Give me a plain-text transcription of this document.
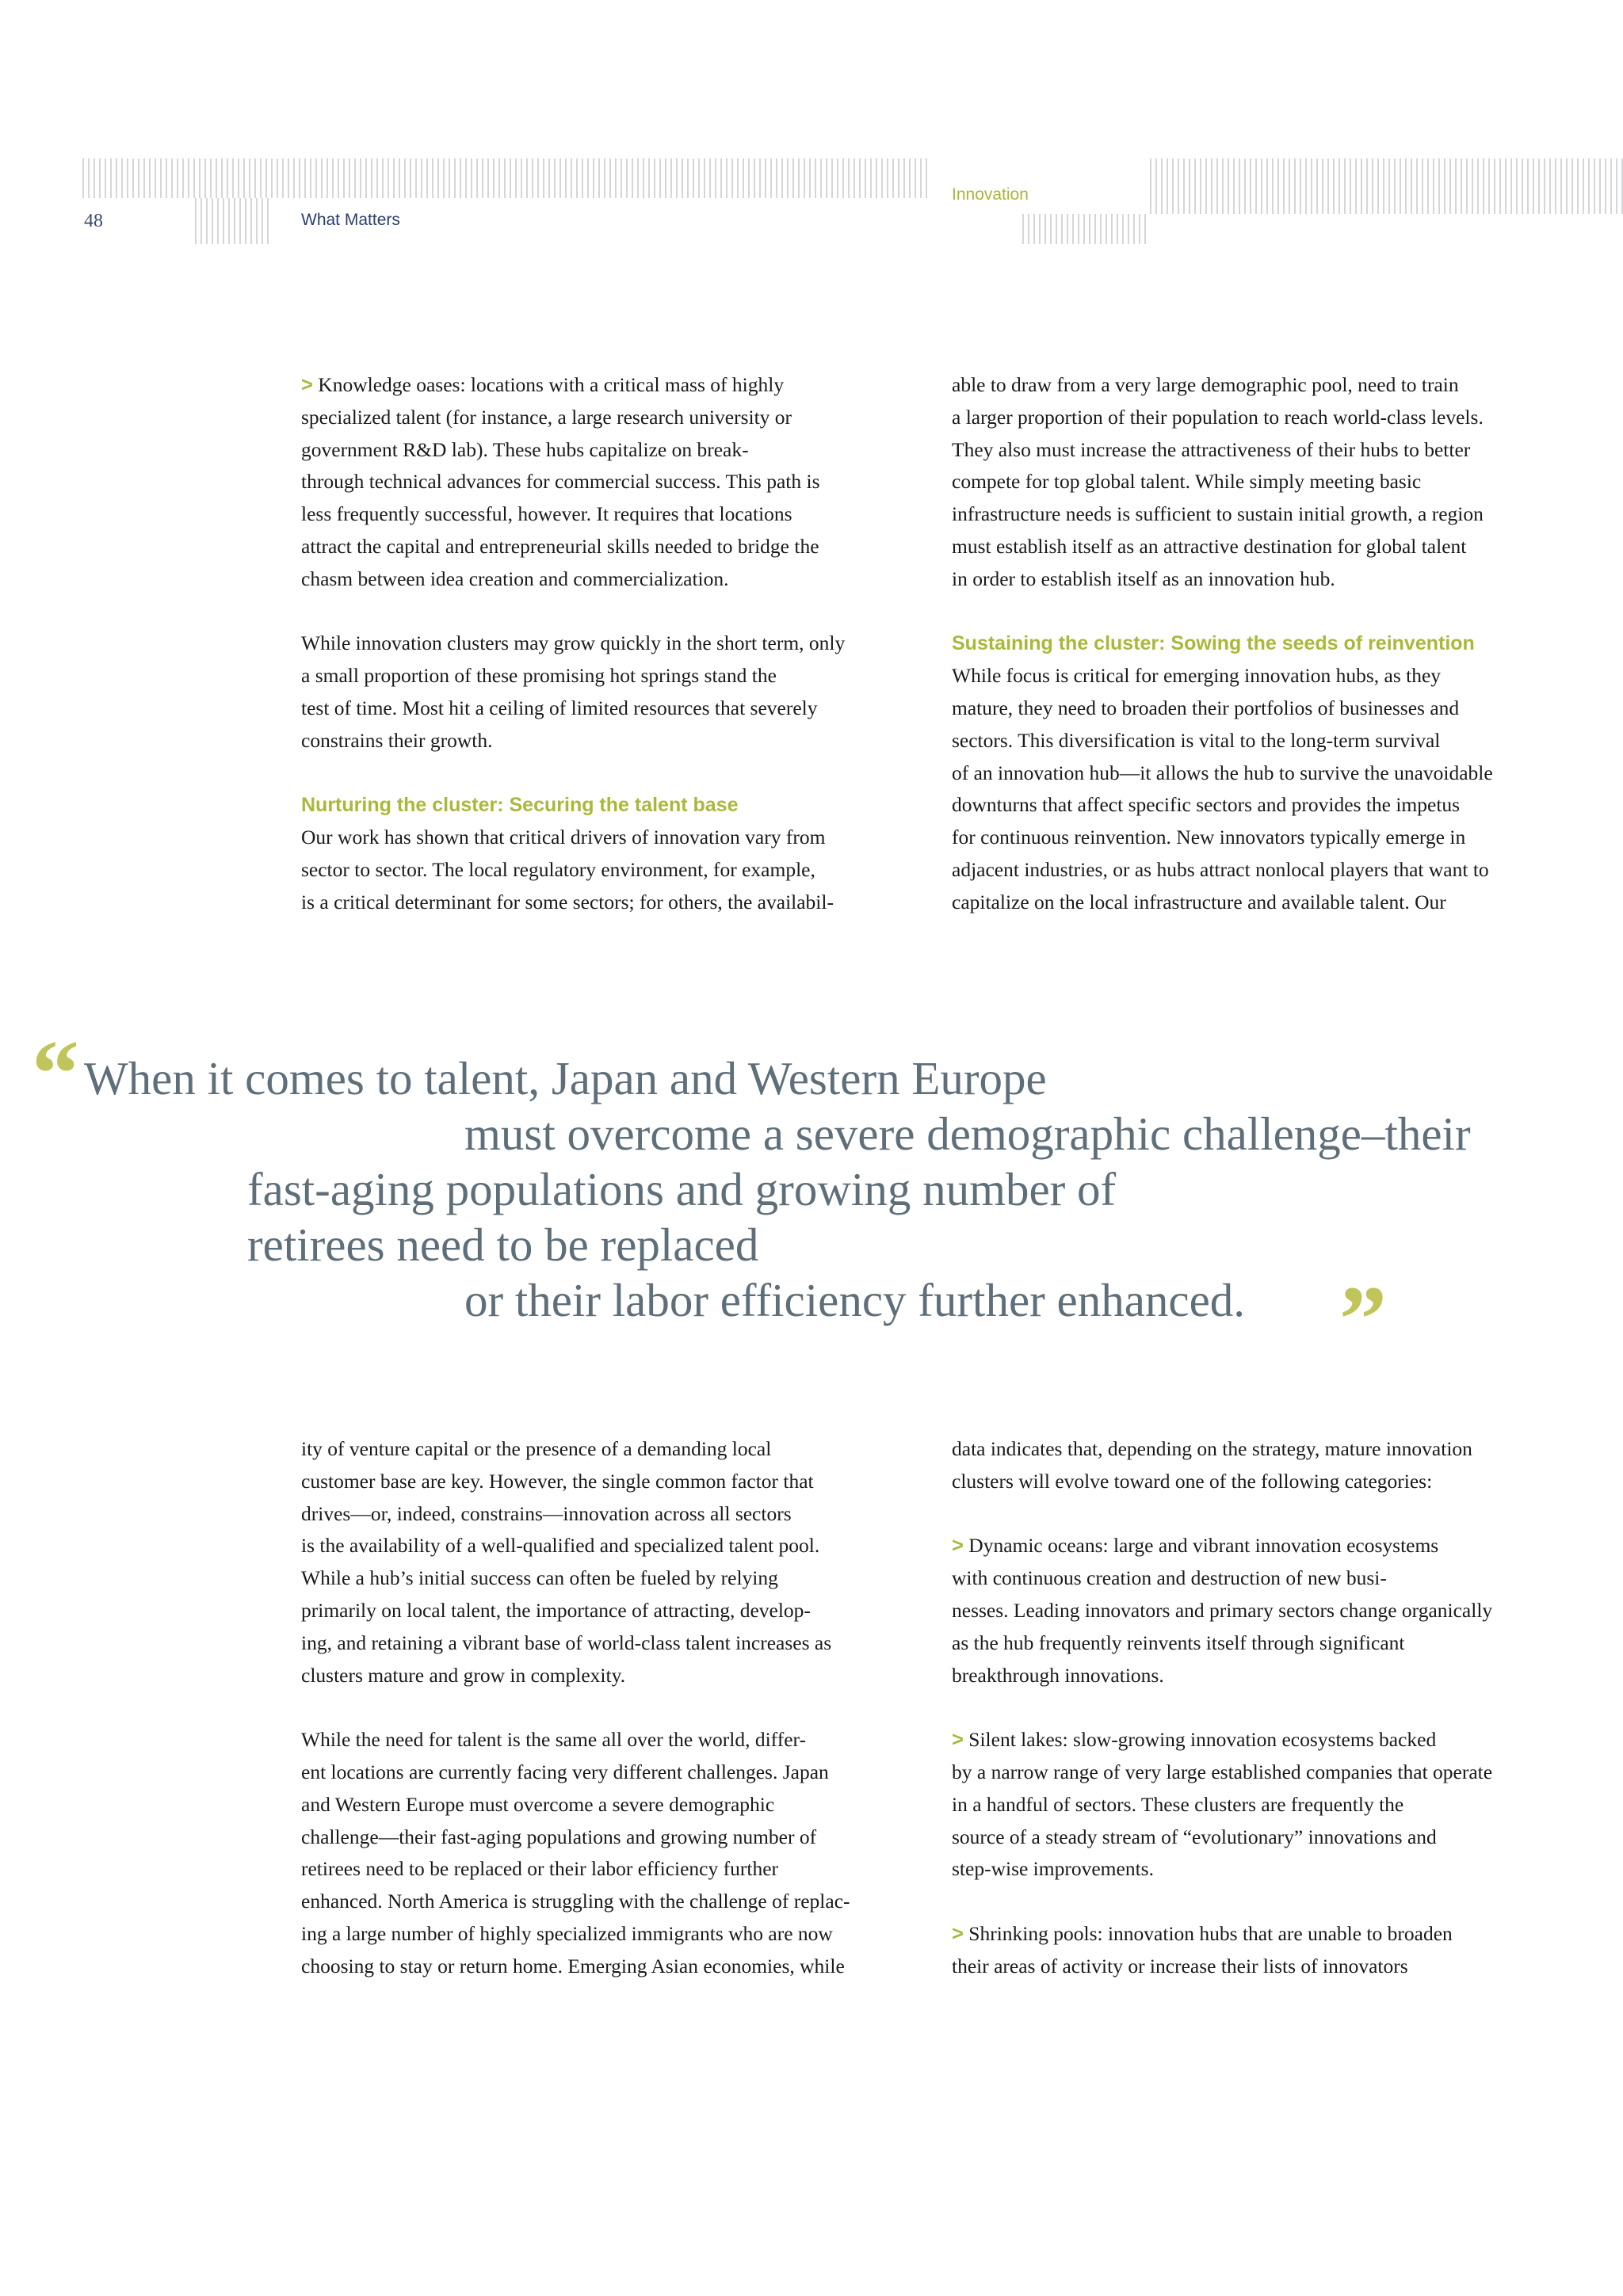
48	What Matters
Innovation

> Knowledge oases: locations with a critical mass of highly

specialized talent (for instance, a large research university or

government R&D lab). These hubs capitalize on break-

through technical advances for commercial success. This path is

less frequently successful, however. It requires that locations

attract the capital and entrepreneurial skills needed to bridge the

chasm between idea creation and commercialization.

While innovation clusters may grow quickly in the short term, only

a small proportion of these promising hot springs stand the

test of time. Most hit a ceiling of limited resources that severely

constrains their growth.

Nurturing the cluster: Securing the talent base

Our work has shown that critical drivers of innovation vary from

sector to sector. The local regulatory environment, for example,

is a critical determinant for some sectors; for others, the availabil-

able to draw from a very large demographic pool, need to train

a larger proportion of their population to reach world-class levels.

They also must increase the attractiveness of their hubs to better

compete for top global talent. While simply meeting basic

infrastructure needs is sufficient to sustain initial growth, a region

must establish itself as an attractive destination for global talent

in order to establish itself as an innovation hub.

Sustaining the cluster: Sowing the seeds of reinvention

While focus is critical for emerging innovation hubs, as they

mature, they need to broaden their portfolios of businesses and

sectors. This diversification is vital to the long-term survival

of an innovation hub—it allows the hub to survive the unavoidable

downturns that affect specific sectors and provides the impetus

for continuous reinvention. New innovators typically emerge in

adjacent industries, or as hubs attract nonlocal players that want to

capitalize on the local infrastructure and available talent. Our

“ When it comes to talent, Japan and Western Europe
must overcome a severe demographic challenge–their
fast-aging populations and growing number of
retirees need to be replaced
or their labor efficiency further enhanced. ”

ity of venture capital or the presence of a demanding local

customer base are key. However, the single common factor that

drives—or, indeed, constrains—innovation across all sectors

is the availability of a well-qualified and specialized talent pool.

While a hub’s initial success can often be fueled by relying

primarily on local talent, the importance of attracting, develop-

ing, and retaining a vibrant base of world-class talent increases as

clusters mature and grow in complexity.

While the need for talent is the same all over the world, differ-

ent locations are currently facing very different challenges. Japan

and Western Europe must overcome a severe demographic

challenge—their fast-aging populations and growing number of

retirees need to be replaced or their labor efficiency further

enhanced. North America is struggling with the challenge of replac-

ing a large number of highly specialized immigrants who are now

choosing to stay or return home. Emerging Asian economies, while

data indicates that, depending on the strategy, mature innovation

clusters will evolve toward one of the following categories:

> Dynamic oceans: large and vibrant innovation ecosystems

with continuous creation and destruction of new busi-

nesses. Leading innovators and primary sectors change organically

as the hub frequently reinvents itself through significant

breakthrough innovations.

> Silent lakes: slow-growing innovation ecosystems backed

by a narrow range of very large established companies that operate

in a handful of sectors. These clusters are frequently the

source of a steady stream of “evolutionary” innovations and

step-wise improvements.

> Shrinking pools: innovation hubs that are unable to broaden

their areas of activity or increase their lists of innovators
